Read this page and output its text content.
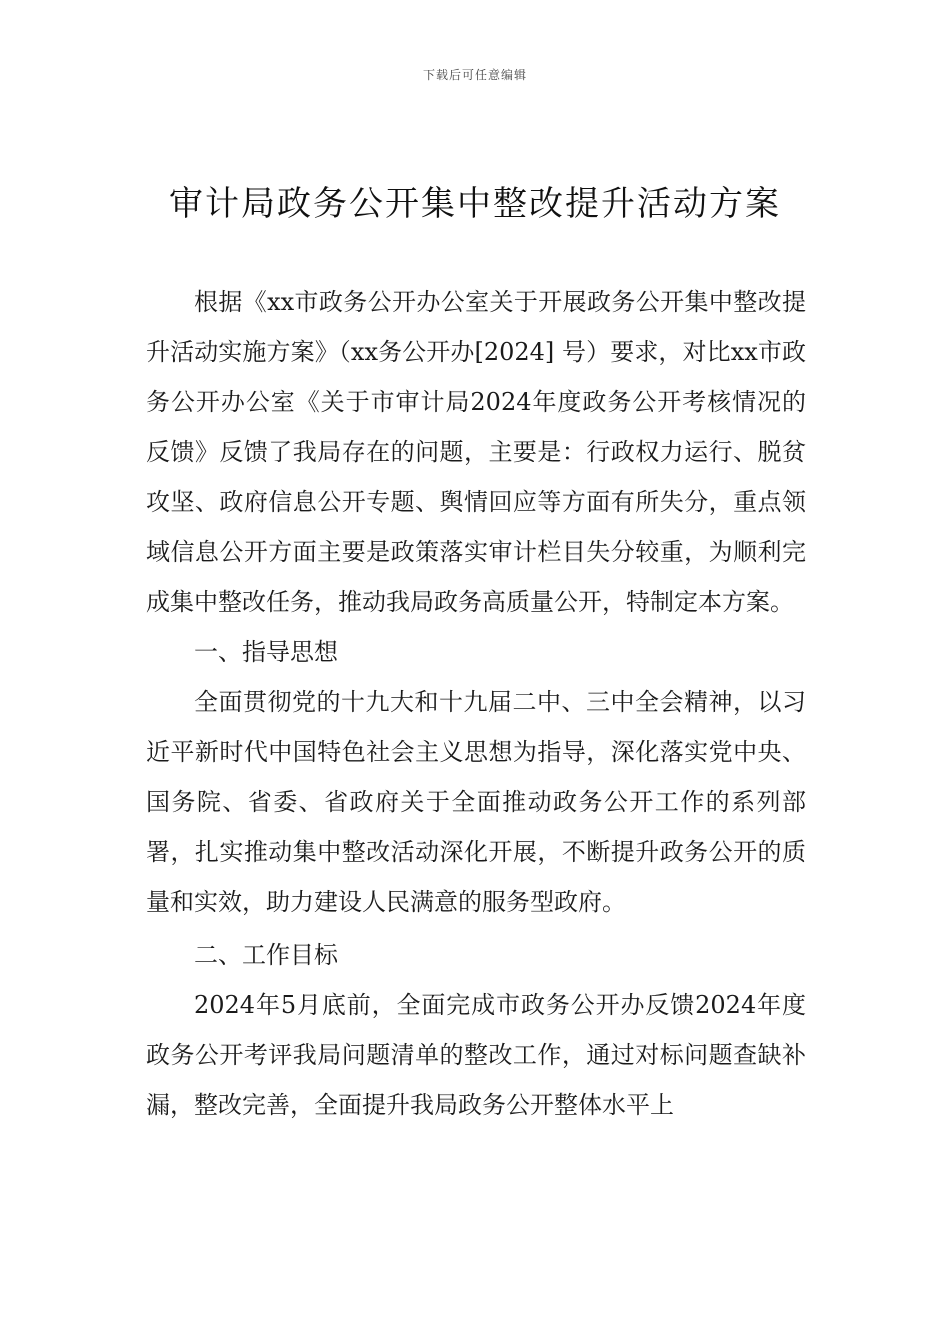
下载后可任意编辑
审计局政务公开集中整改提升活动方案

根据《xx市政务公开办公室关于开展政务公开集中整改提升活动实施方案》（xx务公开办[2024] 号）要求，对比xx市政务公开办公室《关于市审计局2024年度政务公开考核情况的反馈》反馈了我局存在的问题，主要是：行政权力运行、脱贫攻坚、政府信息公开专题、舆情回应等方面有所失分，重点领域信息公开方面主要是政策落实审计栏目失分较重，为顺利完成集中整改任务，推动我局政务高质量公开，特制定本方案。

一、指导思想

全面贯彻党的十九大和十九届二中、三中全会精神，以习近平新时代中国特色社会主义思想为指导，深化落实党中央、国务院、省委、省政府关于全面推动政务公开工作的系列部署，扎实推动集中整改活动深化开展，不断提升政务公开的质量和实效，助力建设人民满意的服务型政府。

二、工作目标

2024年5月底前，全面完成市政务公开办反馈2024年度政务公开考评我局问题清单的整改工作，通过对标问题查缺补漏，整改完善，全面提升我局政务公开整体水平上
